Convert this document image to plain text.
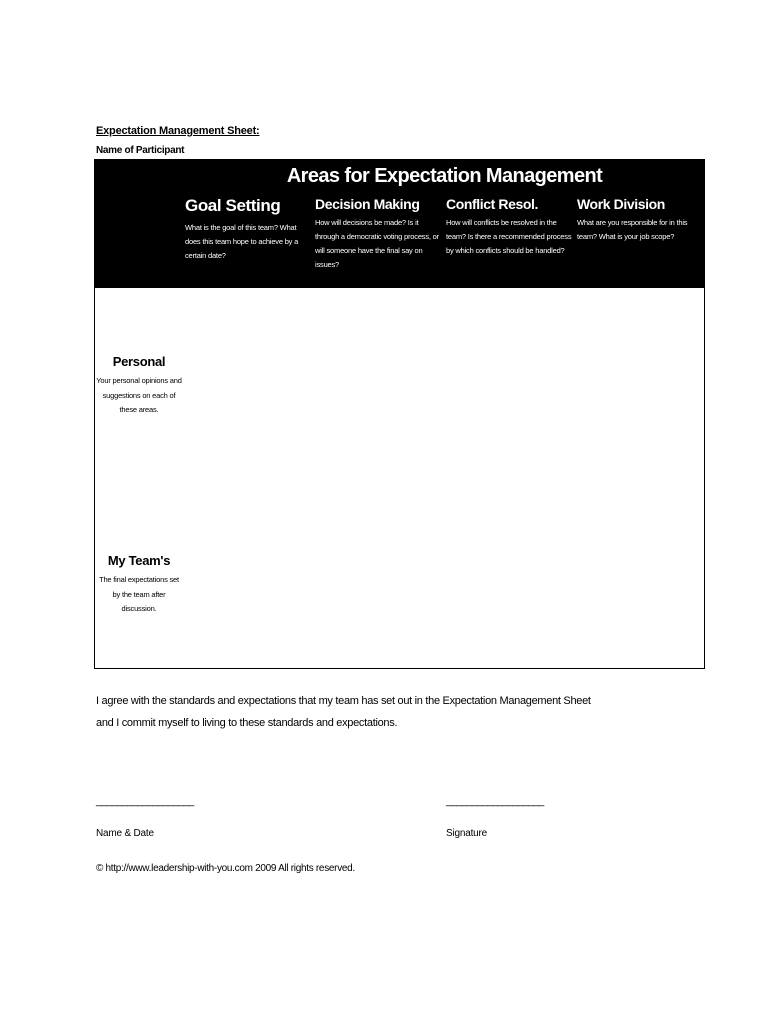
Expectation Management Sheet:
Name of Participant
Areas for Expectation Management
Goal Setting
What is the goal of this team? What does this team hope to achieve by a certain date?
Decision Making
How will decisions be made? Is it through a democratic voting process, or will someone have the final say on issues?
Conflict Resol.
How will conflicts be resolved in the team? Is there a recommended process by which conflicts should be handled?
Work Division
What are you responsible for in this team? What is your job scope?
Personal
Your personal opinions and suggestions on each of these areas.
My Team's
The final expectations set by the team after discussion.
I agree with the standards and expectations that my team has set out in the Expectation Management Sheet
and I commit myself to living to these standards and expectations.
___________________	___________________
Name & Date	Signature
© http://www.leadership-with-you.com 2009 All rights reserved.
